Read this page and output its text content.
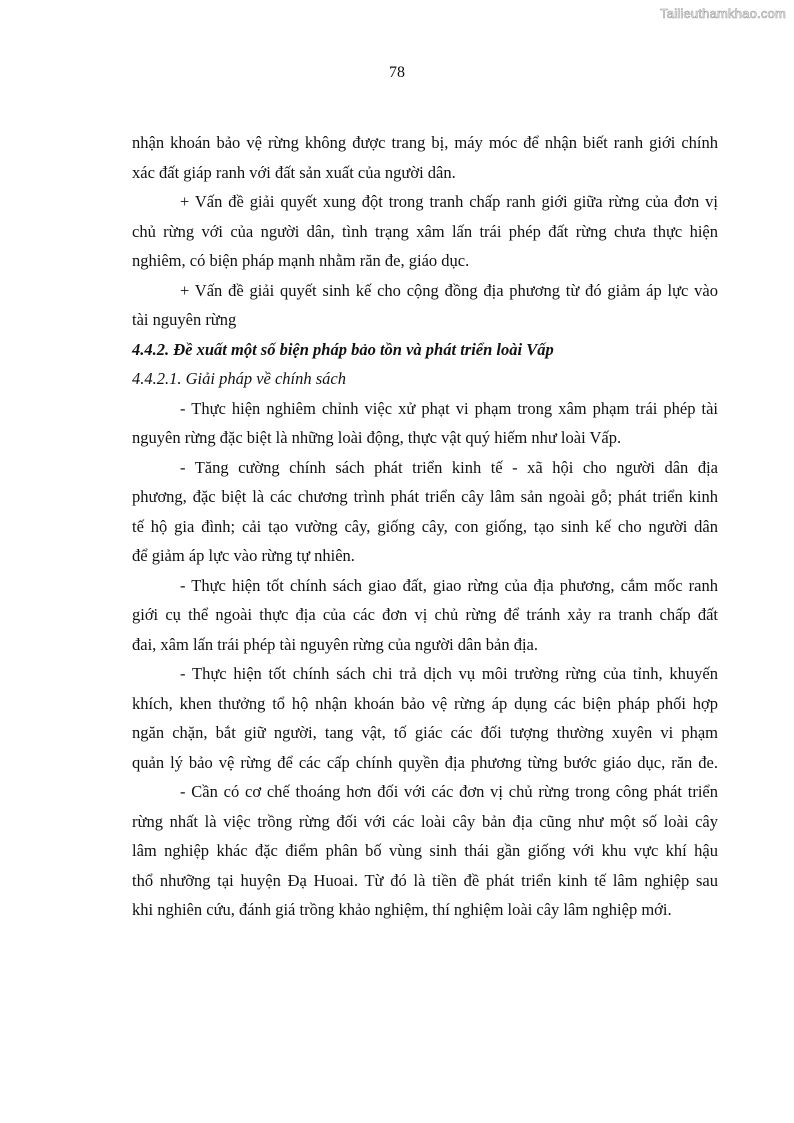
Tailieuthamkhao.com
78
nhận khoán bảo vệ rừng không được trang bị, máy móc để nhận biết ranh giới chính
xác đất giáp ranh với đất sản xuất của người dân.
+ Vấn đề giải quyết xung đột trong tranh chấp ranh giới giữa rừng của đơn vị
chủ rừng với của người dân, tình trạng xâm lấn trái phép đất rừng chưa thực hiện
nghiêm, có biện pháp mạnh nhằm răn đe, giáo dục.
+ Vấn đề giải quyết sinh kế cho cộng đồng địa phương từ đó giảm áp lực vào
tài nguyên rừng
4.4.2. Đề xuất một số biện pháp bảo tồn và phát triển loài Vấp
4.4.2.1. Giải pháp về chính sách
- Thực hiện nghiêm chỉnh việc xử phạt vi phạm trong xâm phạm trái phép tài
nguyên rừng đặc biệt là những loài động, thực vật quý hiếm như loài Vấp.
- Tăng cường chính sách phát triển kinh tế - xã hội cho người dân địa
phương, đặc biệt là các chương trình phát triển cây lâm sản ngoài gỗ; phát triển kinh
tế hộ gia đình; cải tạo vường cây, giống cây, con giống, tạo sinh kế cho người dân
để giảm áp lực vào rừng tự nhiên.
- Thực hiện tốt chính sách giao đất, giao rừng của địa phương, cắm mốc ranh
giới cụ thể ngoài thực địa của các đơn vị chủ rừng để tránh xảy ra tranh chấp đất
đai, xâm lấn trái phép tài nguyên rừng của người dân bản địa.
- Thực hiện tốt chính sách chi trả dịch vụ môi trường rừng của tỉnh, khuyến
khích, khen thưởng tổ hộ nhận khoán bảo vệ rừng áp dụng các biện pháp phối hợp
ngăn chặn, bắt giữ người, tang vật, tố giác các đối tượng thường xuyên vi phạm
quản lý bảo vệ rừng để các cấp chính quyền địa phương từng bước giáo dục, răn đe.
- Cần có cơ chế thoáng hơn đối với các đơn vị chủ rừng trong công phát triển
rừng nhất là việc trồng rừng đối với các loài cây bản địa cũng như một số loài cây
lâm nghiệp khác đặc điểm phân bố vùng sinh thái gần giống với khu vực khí hậu
thổ nhưỡng tại huyện Đạ Huoai. Từ đó là tiền đề phát triển kinh tế lâm nghiệp sau
khi nghiên cứu, đánh giá trồng khảo nghiệm, thí nghiệm loài cây lâm nghiệp mới.
